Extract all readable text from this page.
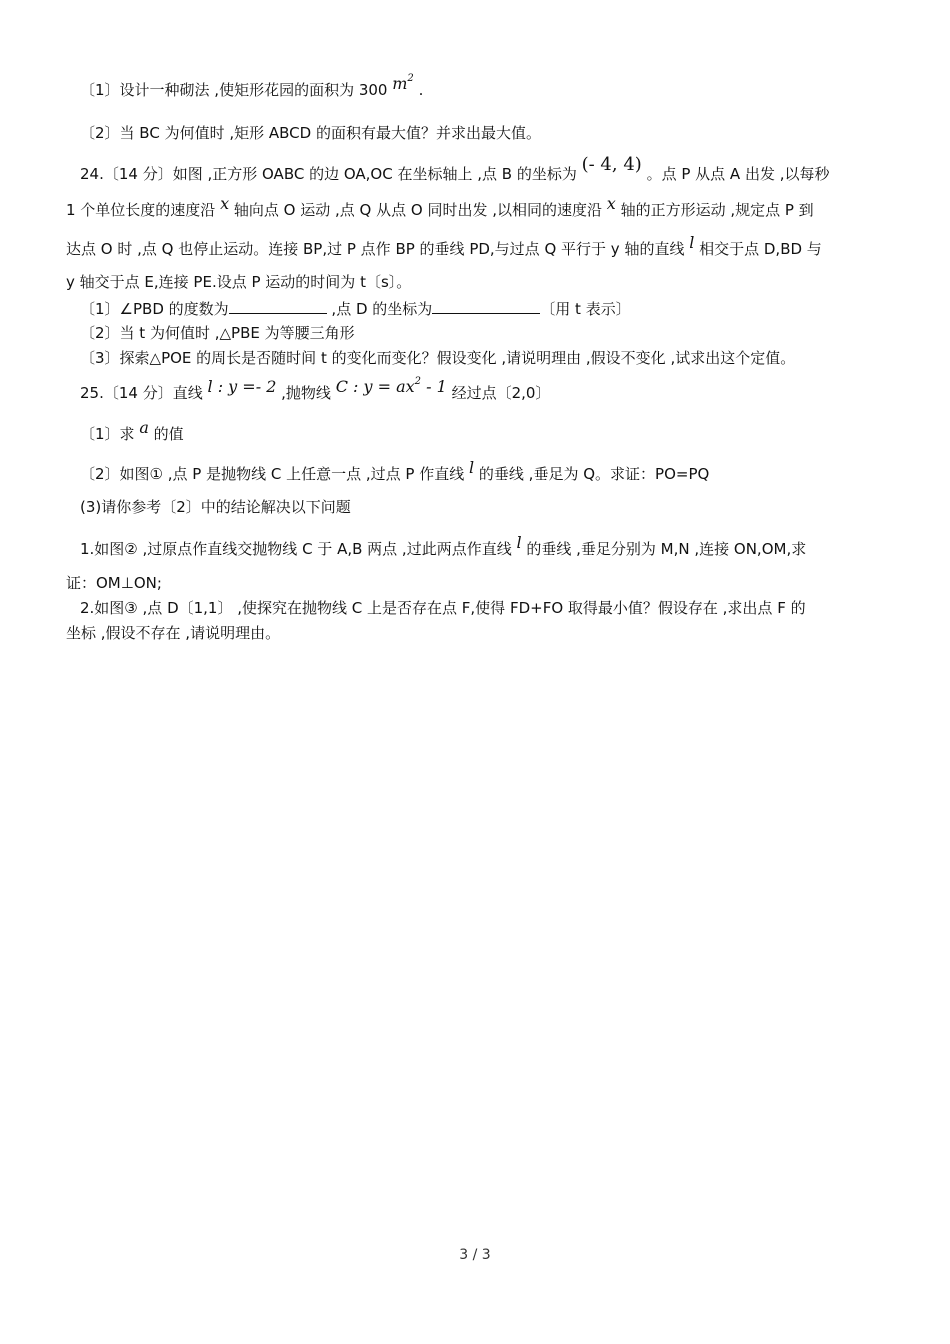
〔1〕设计一种砌法 ,使矩形花园的面积为 300 $m^2$ .
〔2〕当 BC 为何值时 ,矩形 ABCD 的面积有最大值？并求出最大值。
24.〔14 分〕如图 ,正方形 OABC 的边 OA,OC 在坐标轴上 ,点 B 的坐标为 (- 4, 4) 。点 P 从点 A 出发 ,以每秒
1 个单位长度的速度沿 x 轴向点 O 运动 ,点 Q 从点 O 同时出发 ,以相同的速度沿 x 轴的正方形运动 ,规定点 P 到
达点 O 时 ,点 Q 也停止运动。连接 BP,过 P 点作 BP 的垂线 PD,与过点 Q 平行于 y 轴的直线 l 相交于点 D,BD 与
y 轴交于点 E,连接 PE.设点 P 运动的时间为 t〔s〕。
〔1〕∠PBD 的度数为	,点 D 的坐标为	〔用 t 表示〕
〔2〕当 t 为何值时 ,△PBE 为等腰三角形
〔3〕探索△POE 的周长是否随时间 t 的变化而变化？假设变化 ,请说明理由 ,假设不变化 ,试求出这个定值。
25.〔14 分〕直线 l : y =- 2 ,抛物线 C : $y = ax^2 - 1$ 经过点〔2,0〕
〔1〕求 a 的值
〔2〕如图① ,点 P 是抛物线 C 上任意一点 ,过点 P 作直线 l 的垂线 ,垂足为 Q。求证：PO=PQ
(3)请你参考〔2〕中的结论解决以下问题
1.如图② ,过原点作直线交抛物线 C 于 A,B 两点 ,过此两点作直线 l 的垂线 ,垂足分别为 M,N ,连接 ON,OM,求
证：OM⊥ON;
2.如图③ ,点 D〔1,1〕 ,使探究在抛物线 C 上是否存在点 F,使得 FD+FO 取得最小值？假设存在 ,求出点 F 的
坐标 ,假设不存在 ,请说明理由。
3 / 3
